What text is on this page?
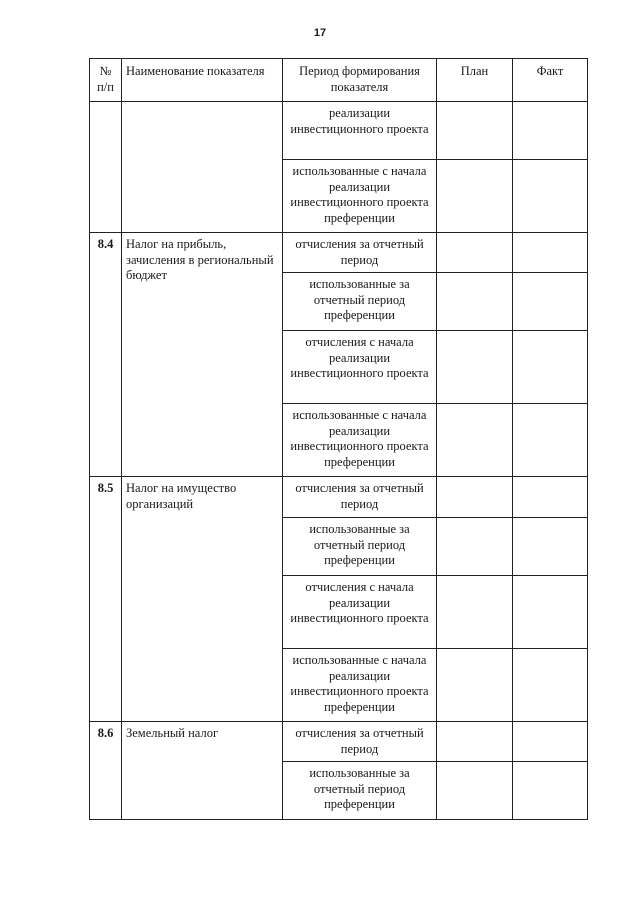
17
№ п/п	Наименование показателя	Период формирования показателя	План	Факт
		реализации инвестиционного проекта		
		использованные с начала реализации инвестиционного проекта преференции		
8.4	Налог на прибыль, зачисления в региональный бюджет	отчисления за отчетный период		
		использованные за отчетный период преференции		
		отчисления с начала реализации инвестиционного проекта		
		использованные с начала реализации инвестиционного проекта преференции		
8.5	Налог на имущество организаций	отчисления за отчетный период		
		использованные за отчетный период преференции		
		отчисления с начала реализации инвестиционного проекта		
		использованные с начала реализации инвестиционного проекта преференции		
8.6	Земельный налог	отчисления за отчетный период		
		использованные за отчетный период преференции		
